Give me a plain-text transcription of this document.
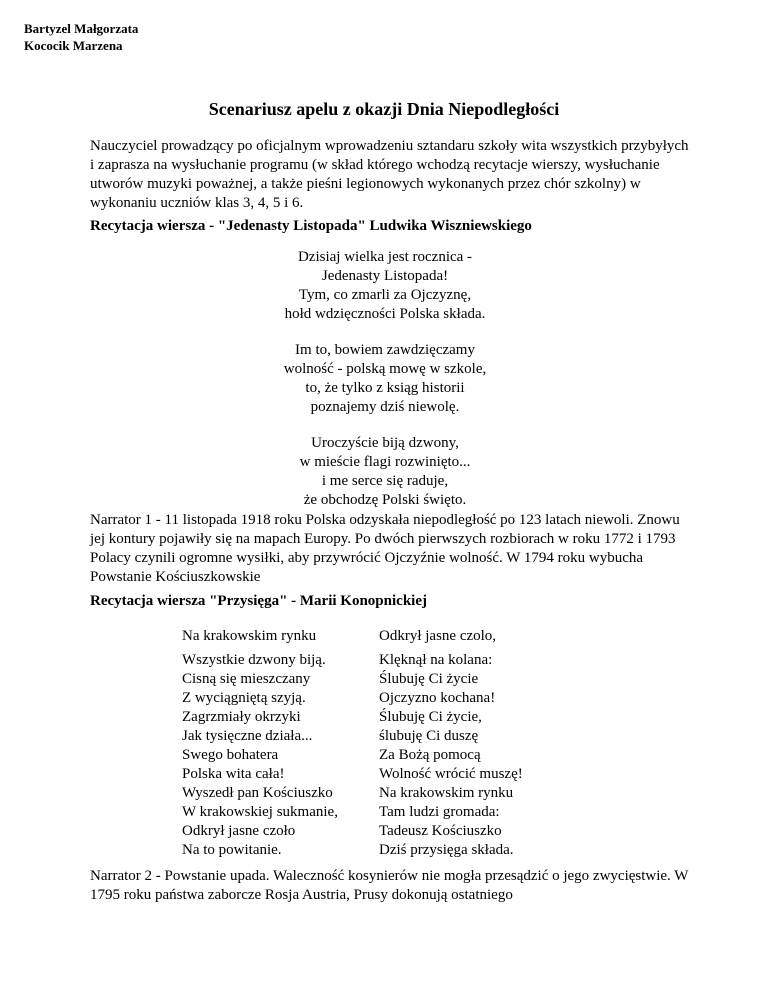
Bartyzel Małgorzata
Kococik Marzena
Scenariusz apelu z okazji Dnia Niepodległości
Nauczyciel prowadzący po oficjalnym wprowadzeniu sztandaru szkoły wita wszystkich przybyłych i zaprasza na wysłuchanie programu (w skład którego wchodzą recytacje wierszy, wysłuchanie utworów muzyki poważnej, a także pieśni legionowych wykonanych przez chór szkolny) w wykonaniu uczniów klas 3, 4, 5 i 6.
Recytacja wiersza - "Jedenasty Listopada" Ludwika Wiszniewskiego
Dzisiaj wielka jest rocznica -
Jedenasty Listopada!
Tym, co zmarli za Ojczyznę,
hołd wdzięczności Polska składa.
Im to, bowiem zawdzięczamy
wolność - polską mowę w szkole,
to, że tylko z ksiąg historii
poznajemy dziś niewolę.
Uroczyście biją dzwony,
w mieście flagi rozwinięto...
i me serce się raduje,
że obchodzę Polski święto.
Narrator 1 - 11 listopada 1918 roku Polska odzyskała niepodległość po 123 latach niewoli. Znowu jej kontury pojawiły się na mapach Europy. Po dwóch pierwszych rozbiorach w roku 1772 i 1793 Polacy czynili ogromne wysiłki, aby przywrócić Ojczyźnie wolność. W 1794 roku wybucha Powstanie Kościuszkowskie
Recytacja wiersza "Przysięga" - Marii Konopnickiej
Na krakowskim rynku	Odkrył jasne czolo,
Wszystkie dzwony biją.
Cisną się mieszczany
Z wyciągniętą szyją.
Zagrzmiały okrzyki
Jak tysięczne działa...
Swego bohatera
Polska wita cała!
Wyszedł pan Kościuszko
W krakowskiej sukmanie,
Odkrył jasne czoło
Na to powitanie.
Klęknął na kolana:
Ślubuję Ci życie
Ojczyzno kochana!
Ślubuję Ci życie,
ślubuję Ci duszę
Za Bożą pomocą
Wolność wrócić muszę!
Na krakowskim rynku
Tam ludzi gromada:
Tadeusz Kościuszko
Dziś przysięga składa.
Narrator 2 - Powstanie upada. Waleczność kosynierów nie mogła przesądzić o jego zwycięstwie. W 1795 roku państwa zaborcze Rosja Austria, Prusy dokonują ostatniego
